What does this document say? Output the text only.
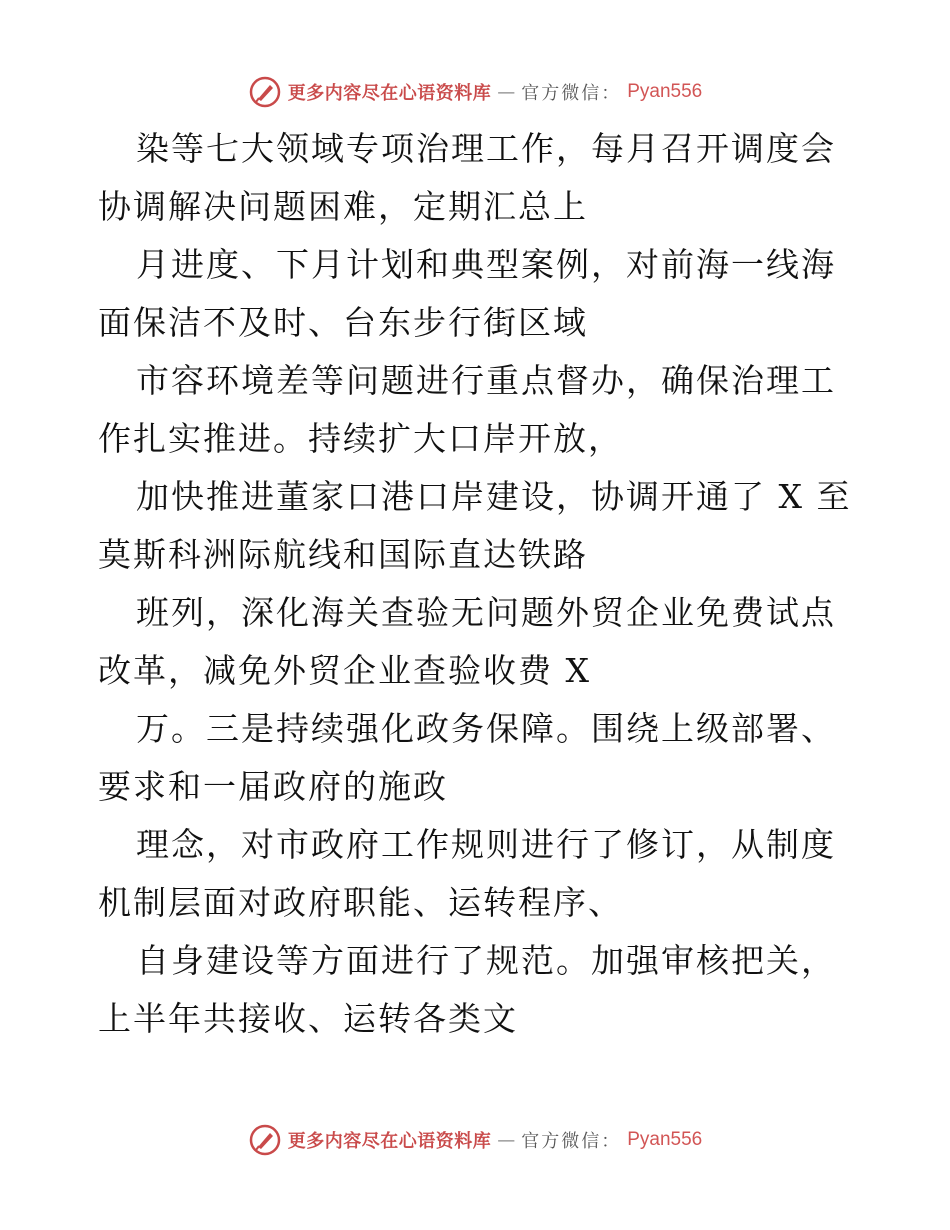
更多内容尽在心语资料库 — 官方微信： Pyan556

染等七大领域专项治理工作，每月召开调度会协调解决问题困难，定期汇总上

月进度、下月计划和典型案例，对前海一线海面保洁不及时、台东步行街区域

市容环境差等问题进行重点督办，确保治理工作扎实推进。持续扩大口岸开放，

加快推进董家口港口岸建设，协调开通了 X 至莫斯科洲际航线和国际直达铁路

班列，深化海关查验无问题外贸企业免费试点改革，减免外贸企业查验收费 X

万。三是持续强化政务保障。围绕上级部署、要求和一届政府的施政

理念，对市政府工作规则进行了修订，从制度机制层面对政府职能、运转程序、

自身建设等方面进行了规范。加强审核把关，上半年共接收、运转各类文

更多内容尽在心语资料库 — 官方微信： Pyan556
